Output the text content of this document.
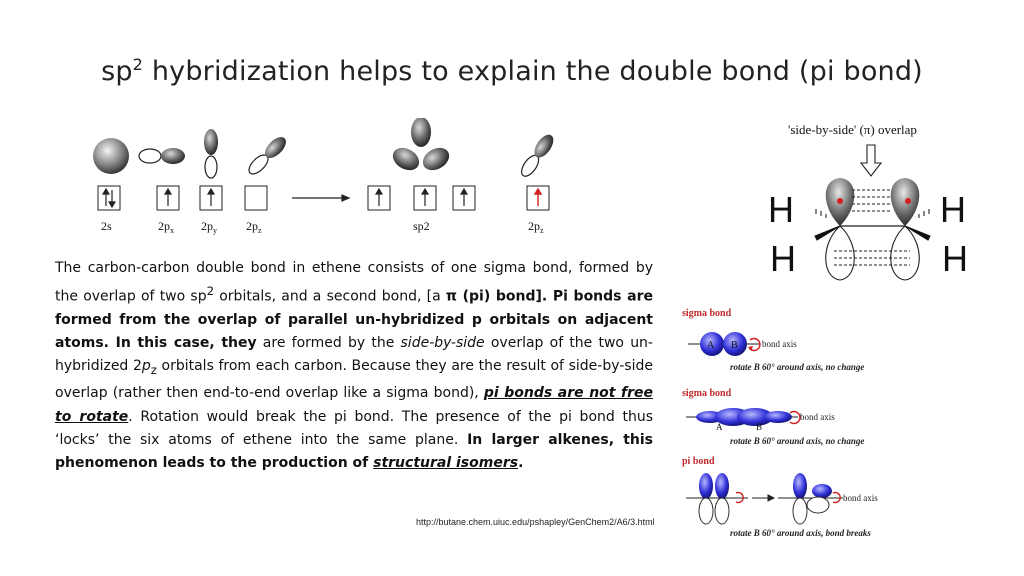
$sp^2$ hybridization helps to explain the double bond (pi bond)
2s	$2p_x$ $2p_y$ $2p_z$	sp2	$2p_z$
'side-by-side' (π) overlap
H	H
H	H
The carbon-carbon double bond in ethene consists of one sigma bond, formed by the overlap of two $sp^2$ orbitals, and a second bond, [a π (pi) bond]. Pi bonds are formed from the overlap of parallel un-hybridized p orbitals on adjacent atoms. In this case, they are formed by the side-by-side overlap of the two un-hybridized $2p_z$ orbitals from each carbon. Because they are the result of side-by-side overlap (rather then end-to-end overlap like a sigma bond), pi bonds are not free to rotate. Rotation would break the pi bond. The presence of the pi bond thus ‘locks’ the six atoms of ethene into the same plane. In larger alkenes, this phenomenon leads to the production of structural isomers.
http://butane.chem.uiuc.edu/pshapley/GenChem2/A6/3.html
sigma bond
sigma bond
pi bond
A B	bond axis
rotate B 60° around axis, no change
A	B
bond axis
rotate B 60° around axis, no change
bond axis
rotate B 60° around axis, bond breaks
